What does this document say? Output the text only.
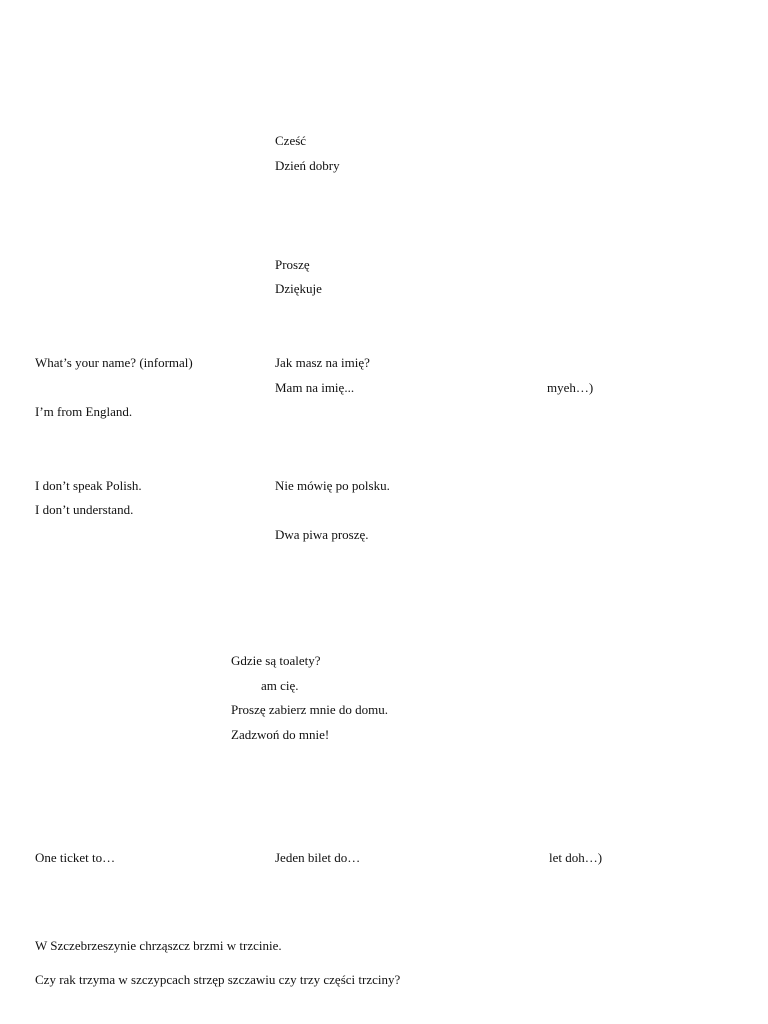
Cześć
Dzień dobry
Proszę
Dziękuje
What’s your name? (informal)	Jak masz na imię?
Mam na imię...	myeh…)
I’m from England.
I don’t speak Polish.	Nie mówię po polsku.
I don’t understand.
Dwa piwa proszę.
Gdzie są toalety?
am cię.
Proszę zabierz mnie do domu.
Zadzwoń do mnie!
One ticket to…	Jeden bilet do…	let doh…)
W Szczebrzeszynie chrząszcz brzmi w trzcinie.
Czy rak trzyma w szczypcach strzęp szczawiu czy trzy części trzciny?
